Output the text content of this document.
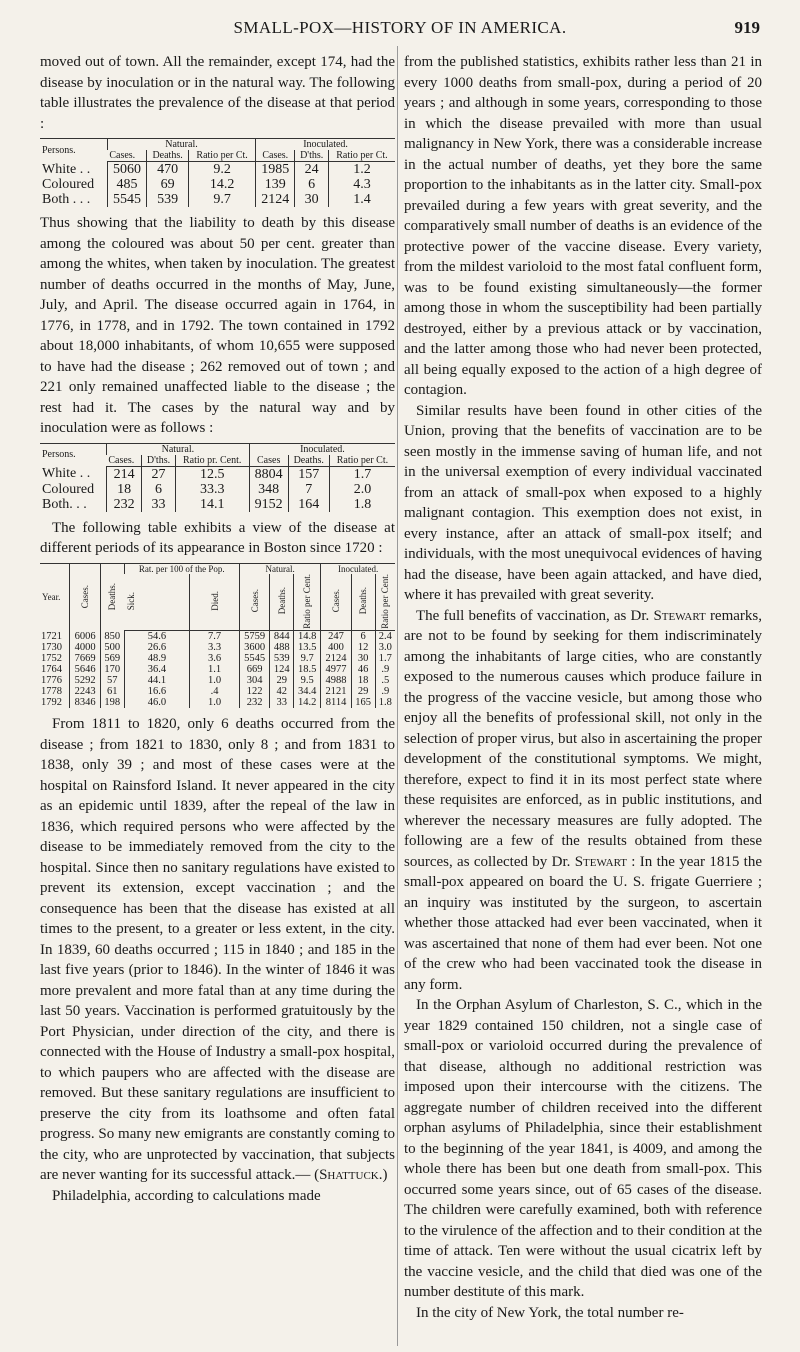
SMALL-POX—HISTORY OF IN AMERICA.	919

moved out of town. All the remainder, except 174, had the disease by inoculation or in the natural way. The following table illustrates the prevalence of the disease at that period :

Persons.	Natural.			Inoculated.		
	Cases.	Deaths.	Ratio per Ct.	Cases.	D'ths.	Ratio per Ct.
White . .	5060	470	9.2	1985	24	1.2
Coloured	485	69	14.2	139	6	4.3
Both . . .	5545	539	9.7	2124	30	1.4

Thus showing that the liability to death by this disease among the coloured was about 50 per cent. greater than among the whites, when taken by inoculation. The greatest number of deaths occurred in the months of May, June, July, and April. The disease occurred again in 1764, in 1776, in 1778, and in 1792. The town contained in 1792 about 18,000 inhabitants, of whom 10,655 were supposed to have had the disease ; 262 removed out of town ; and 221 only remained unaffected liable to the disease ; the rest had it. The cases by the natural way and by inoculation were as follows :

Persons.	Natural.			Inoculated.		
	Cases.	D'ths.	Ratio pr. Cent.	Cases	Deaths.	Ratio per Ct.
White . .	214	27	12.5	8804	157	1.7
Coloured	18	6	33.3	348	7	2.0
Both. . .	232	33	14.1	9152	164	1.8

The following table exhibits a view of the disease at different periods of its appearance in Boston since 1720 :

Year.	Cases.	Deaths.	Rat. per 100 of the Pop.		Natural.			Inoculated.		
			Sick.	Died.	Cases.	Deaths.	Ratio per Cent.	Cases.	Deaths.	Ratio per Cent.
1721	6006	850	54.6	7.7	5759	844	14.8	247	6	2.4
1730	4000	500	26.6	3.3	3600	488	13.5	400	12	3.0
1752	7669	569	48.9	3.6	5545	539	9.7	2124	30	1.7
1764	5646	170	36.4	1.1	669	124	18.5	4977	46	.9
1776	5292	57	44.1	1.0	304	29	9.5	4988	18	.5
1778	2243	61	16.6	.4	122	42	34.4	2121	29	.9
1792	8346	198	46.0	1.0	232	33	14.2	8114	165	1.8

From 1811 to 1820, only 6 deaths occurred from the disease ; from 1821 to 1830, only 8 ; and from 1831 to 1838, only 39 ; and most of these cases were at the hospital on Rainsford Island. It never appeared in the city as an epidemic until 1839, after the repeal of the law in 1836, which required persons who were affected by the disease to be immediately removed from the city to the hospital. Since then no sanitary regulations have existed to prevent its extension, except vaccination ; and the consequence has been that the disease has existed at all times to the present, to a greater or less extent, in the city. In 1839, 60 deaths occurred ; 115 in 1840 ; and 185 in the last five years (prior to 1846). In the winter of 1846 it was more prevalent and more fatal than at any time during the last 50 years. Vaccination is performed gratuitously by the Port Physician, under direction of the city, and there is connected with the House of Industry a small-pox hospital, to which paupers who are affected with the disease are removed. But these sanitary regulations are insufficient to preserve the city from its loathsome and often fatal progress. So many new emigrants are constantly coming to the city, who are unprotected by vaccination, that subjects are never wanting for its successful attack.— (Shattuck.)

Philadelphia, according to calculations made

from the published statistics, exhibits rather less than 21 in every 1000 deaths from small-pox, during a period of 20 years ; and although in some years, corresponding to those in which the disease prevailed with more than usual malignancy in New York, there was a considerable increase in the actual number of deaths, yet they bore the same proportion to the inhabitants as in the latter city. Small-pox prevailed during a few years with great severity, and the comparatively small number of deaths is an evidence of the protective power of the vaccine disease. Every variety, from the mildest varioloid to the most fatal confluent form, was to be found existing simultaneously—the former among those in whom the susceptibility had been partially destroyed, either by a previous attack or by vaccination, and the latter among those who had never been protected, all being equally exposed to the action of a high degree of contagion.

Similar results have been found in other cities of the Union, proving that the benefits of vaccination are to be seen mostly in the immense saving of human life, and not in the universal exemption of every individual vaccinated from an attack of small-pox when exposed to a highly malignant contagion. This exemption does not exist, in every instance, after an attack of small-pox itself; and individuals, with the most unequivocal evidences of having had the disease, have been again attacked, and have died, where it has prevailed with great severity.

The full benefits of vaccination, as Dr. Stewart remarks, are not to be found by seeking for them indiscriminately among the inhabitants of large cities, who are constantly exposed to the numerous causes which produce failure in the progress of the vaccine vesicle, but among those who enjoy all the benefits of professional skill, not only in the selection of proper virus, but also in ascertaining the proper development of the constitutional symptoms. We might, therefore, expect to find it in its most perfect state where these requisites are enforced, as in public institutions, and wherever the necessary measures are fully adopted. The following are a few of the results obtained from these sources, as collected by Dr. Stewart : In the year 1815 the small-pox appeared on board the U. S. frigate Guerriere ; an inquiry was instituted by the surgeon, to ascertain whether those attacked had ever been vaccinated, when it was ascertained that none of them had ever been. Not one of the crew who had been vaccinated took the disease in any form.

In the Orphan Asylum of Charleston, S. C., which in the year 1829 contained 150 children, not a single case of small-pox or varioloid occurred during the prevalence of that disease, although no additional restriction was imposed upon their intercourse with the citizens. The aggregate number of children received into the different orphan asylums of Philadelphia, since their establishment to the beginning of the year 1841, is 4009, and among the whole there has been but one death from small-pox. This occurred some years since, out of 65 cases of the disease. The children were carefully examined, both with reference to the virulence of the affection and to their condition at the time of attack. Ten were without the usual cicatrix left by the vaccine vesicle, and the child that died was one of the number destitute of this mark.

In the city of New York, the total number re-
